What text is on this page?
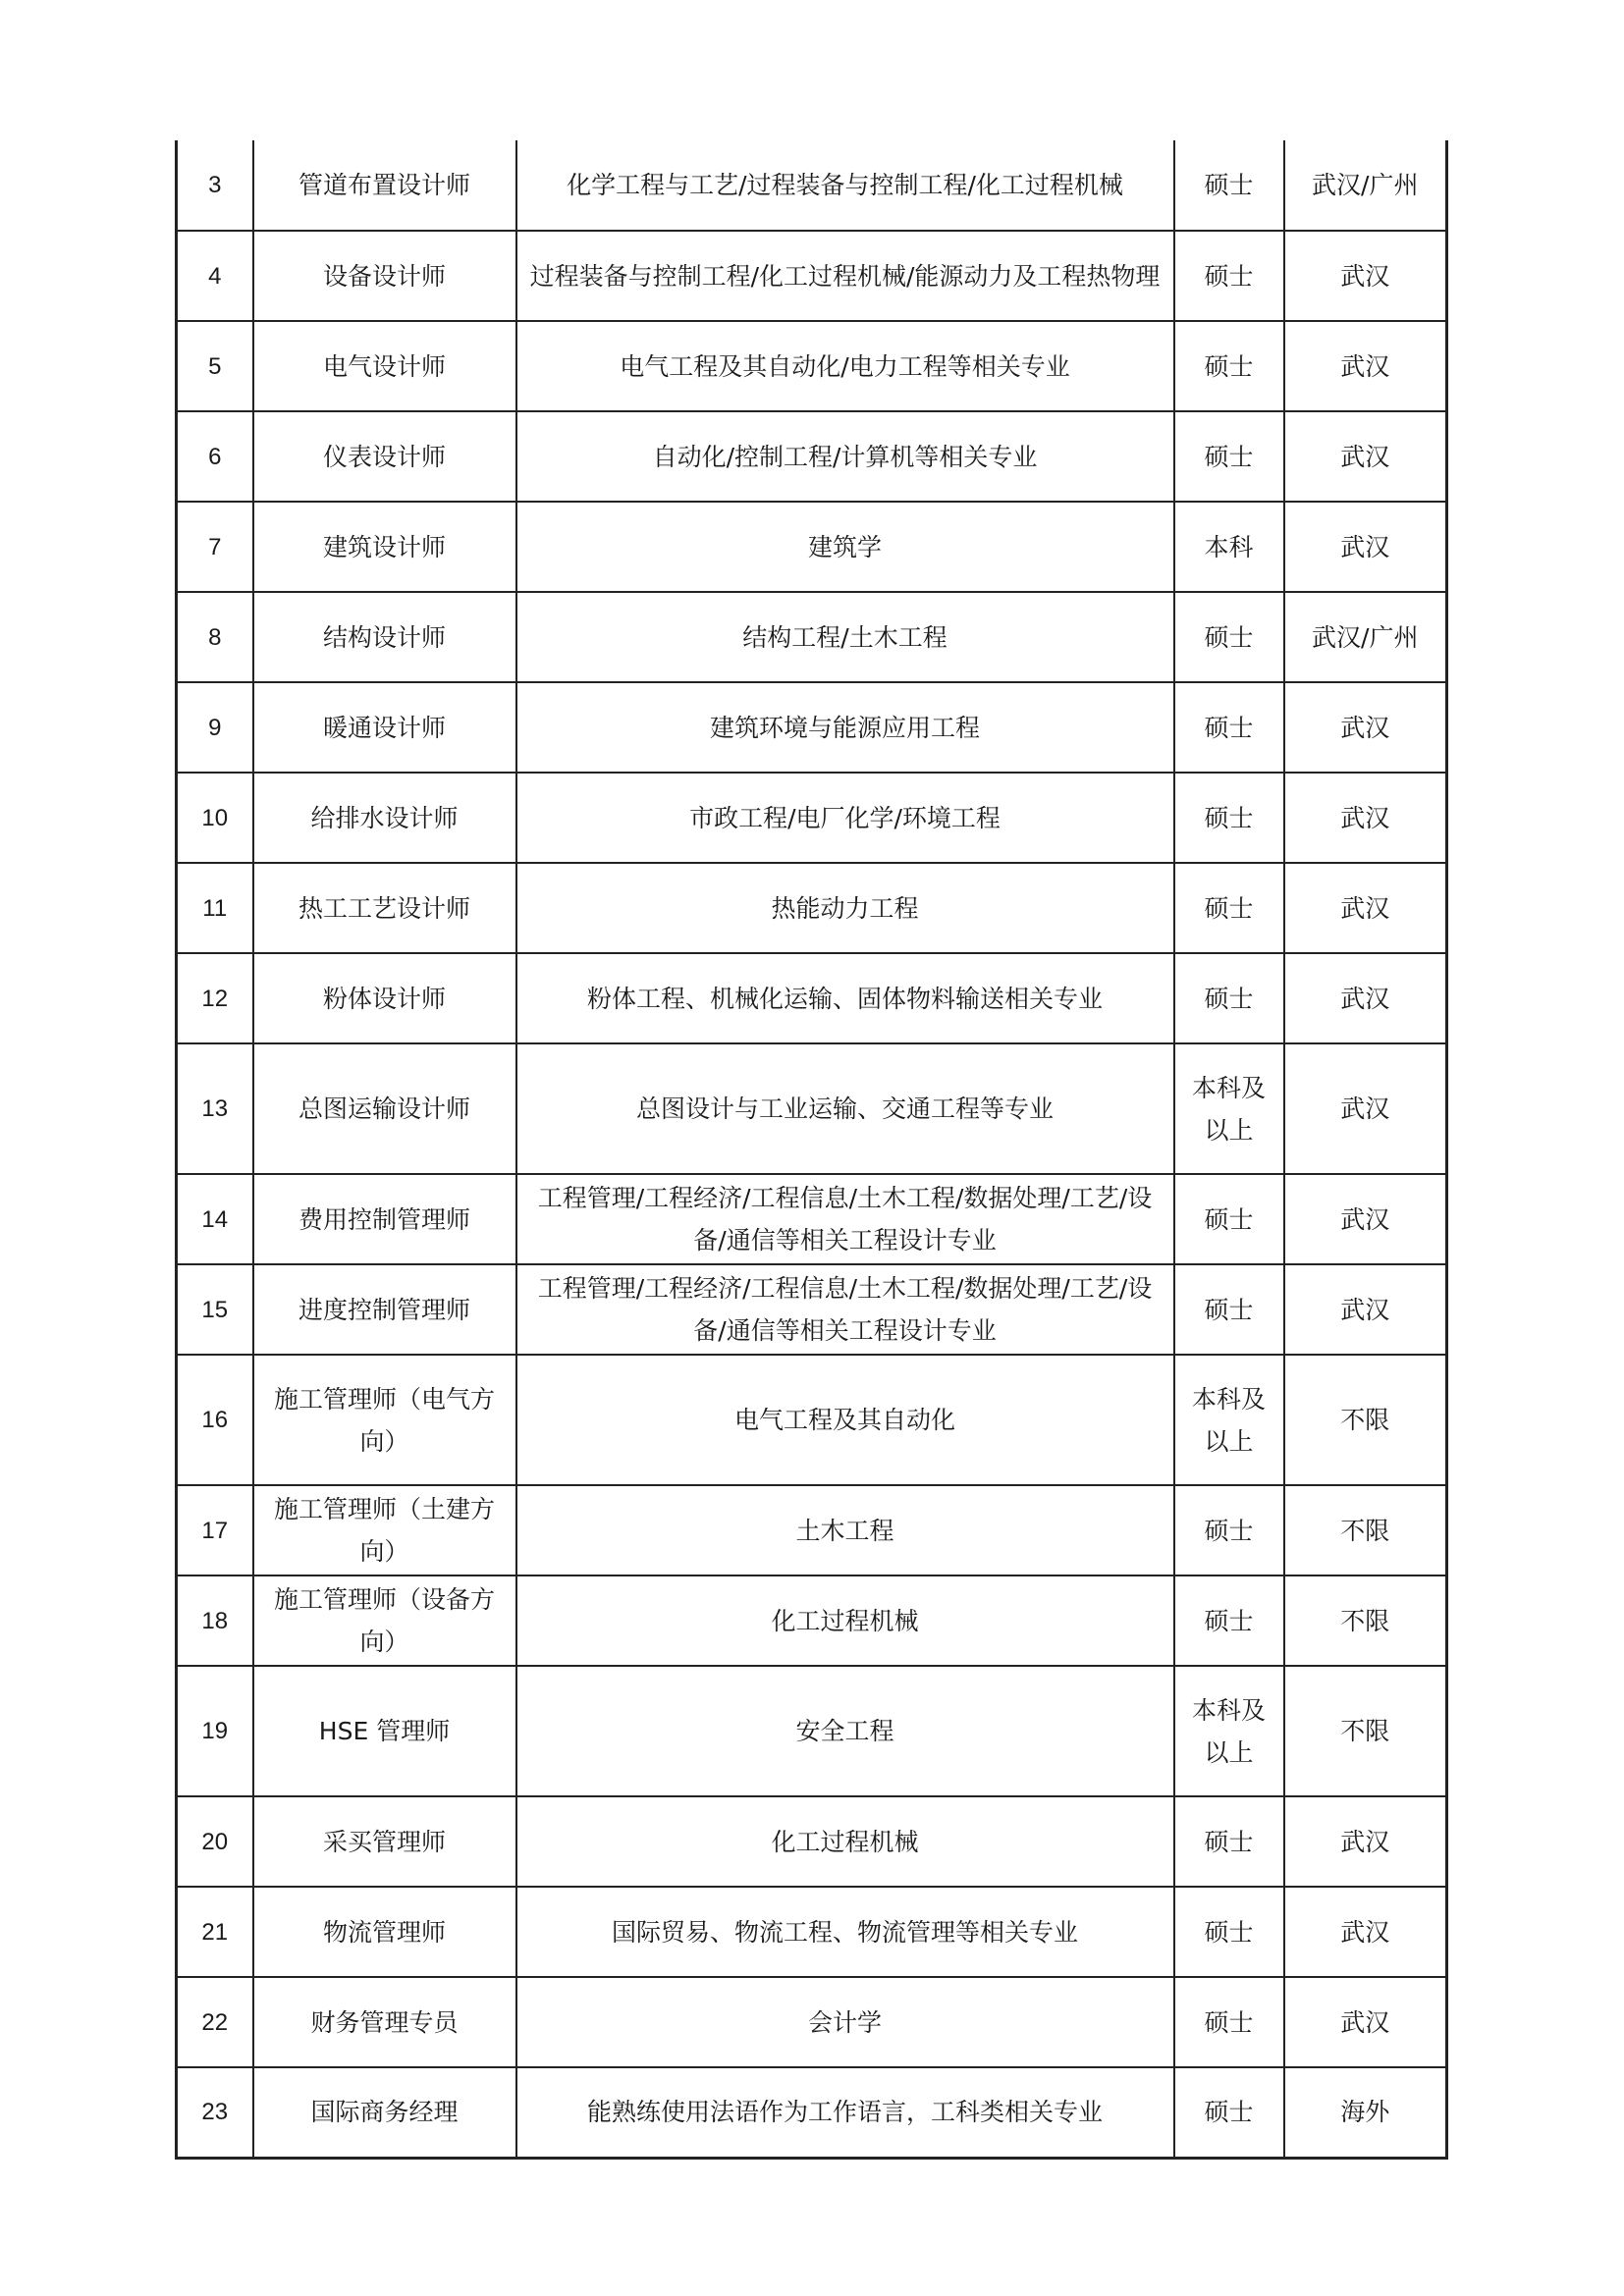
3	管道布置设计师	化学工程与工艺/过程装备与控制工程/化工过程机械	硕士	武汉/广州
4	设备设计师	过程装备与控制工程/化工过程机械/能源动力及工程热物理	硕士	武汉
5	电气设计师	电气工程及其自动化/电力工程等相关专业	硕士	武汉
6	仪表设计师	自动化/控制工程/计算机等相关专业	硕士	武汉
7	建筑设计师	建筑学	本科	武汉
8	结构设计师	结构工程/土木工程	硕士	武汉/广州
9	暖通设计师	建筑环境与能源应用工程	硕士	武汉
10	给排水设计师	市政工程/电厂化学/环境工程	硕士	武汉
11	热工工艺设计师	热能动力工程	硕士	武汉
12	粉体设计师	粉体工程、机械化运输、固体物料输送相关专业	硕士	武汉
13	总图运输设计师	总图设计与工业运输、交通工程等专业	本科及以上	武汉
14	费用控制管理师	工程管理/工程经济/工程信息/土木工程/数据处理/工艺/设备/通信等相关工程设计专业	硕士	武汉
15	进度控制管理师	工程管理/工程经济/工程信息/土木工程/数据处理/工艺/设备/通信等相关工程设计专业	硕士	武汉
16	施工管理师（电气方向）	电气工程及其自动化	本科及以上	不限
17	施工管理师（土建方向）	土木工程	硕士	不限
18	施工管理师（设备方向）	化工过程机械	硕士	不限
19	HSE 管理师	安全工程	本科及以上	不限
20	采买管理师	化工过程机械	硕士	武汉
21	物流管理师	国际贸易、物流工程、物流管理等相关专业	硕士	武汉
22	财务管理专员	会计学	硕士	武汉
23	国际商务经理	能熟练使用法语作为工作语言，工科类相关专业	硕士	海外
